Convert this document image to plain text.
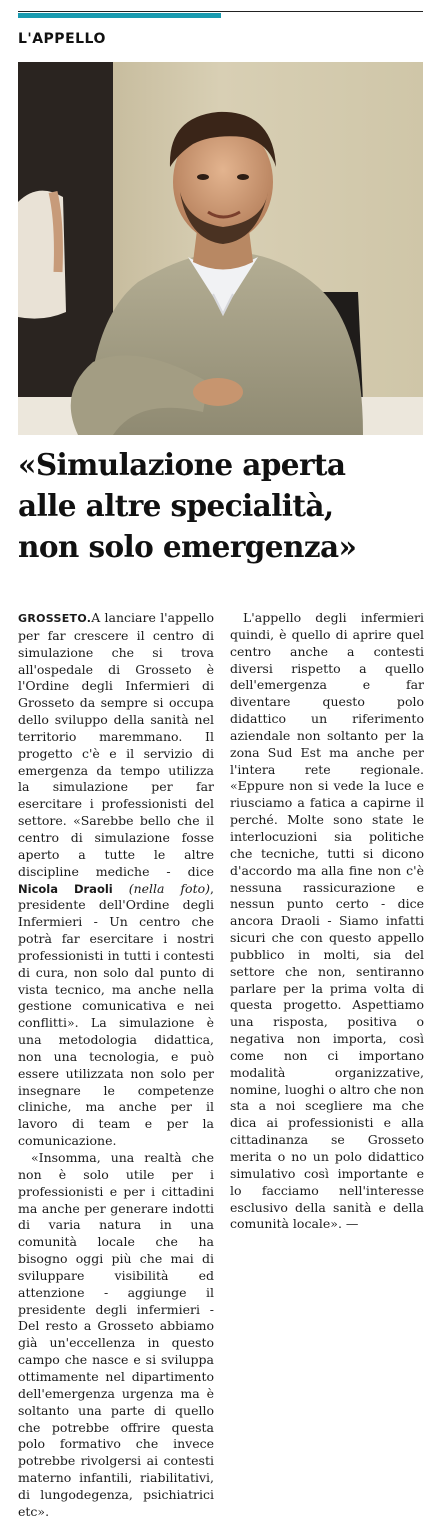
L'APPELLO
«Simulazione aperta
alle altre specialità,
non solo emergenza»

GROSSETO.A lanciare l'appello per far crescere il centro di simulazione che si trova all'ospedale di Grosseto è l'Ordine degli Infermieri di Grosseto da sempre si occupa dello sviluppo della sanità nel territorio maremmano. Il progetto c'è e il servizio di emergenza da tempo utilizza la simulazione per far esercitare i professionisti del settore. «Sarebbe bello che il centro di simulazione fosse aperto a tutte le altre discipline mediche - dice Nicola Draoli (nella foto), presidente dell'Ordine degli Infermieri - Un centro che potrà far esercitare i nostri professionisti in tutti i contesti di cura, non solo dal punto di vista tecnico, ma anche nella gestione comunicativa e nei conflitti». La simulazione è una metodologia didattica, non una tecnologia, e può essere utilizzata non solo per insegnare le competenze cliniche, ma anche per il lavoro di team e per la comunicazione.

«Insomma, una realtà che non è solo utile per i professionisti e per i cittadini ma anche per generare indotti di varia natura in una comunità locale che ha bisogno oggi più che mai di sviluppare visibilità ed attenzione - aggiunge il presidente degli infermieri - Del resto a Grosseto abbiamo già un'eccellenza in questo campo che nasce e si sviluppa ottimamente nel dipartimento dell'emergenza urgenza ma è soltanto una parte di quello che potrebbe offrire questa polo formativo che invece potrebbe rivolgersi ai contesti materno infantili, riabilitativi, di lungodegenza, psichiatrici etc».

L'appello degli infermieri quindi, è quello di aprire quel centro anche a contesti diversi rispetto a quello dell'emergenza e far diventare questo polo didattico un riferimento aziendale non soltanto per la zona Sud Est ma anche per l'intera rete regionale. «Eppure non si vede la luce e riusciamo a fatica a capirne il perché. Molte sono state le interlocuzioni sia politiche che tecniche, tutti si dicono d'accordo ma alla fine non c'è nessuna rassicurazione e nessun punto certo - dice ancora Draoli - Siamo infatti sicuri che con questo appello pubblico in molti, sia del settore che non, sentiranno parlare per la prima volta di questa progetto. Aspettiamo una risposta, positiva o negativa non importa, così come non ci importano modalità organizzative, nomine, luoghi o altro che non sta a noi scegliere ma che dica ai professionisti e alla cittadinanza se Grosseto merita o no un polo didattico simulativo così importante e lo facciamo nell'interesse esclusivo della sanità e della comunità locale». —
